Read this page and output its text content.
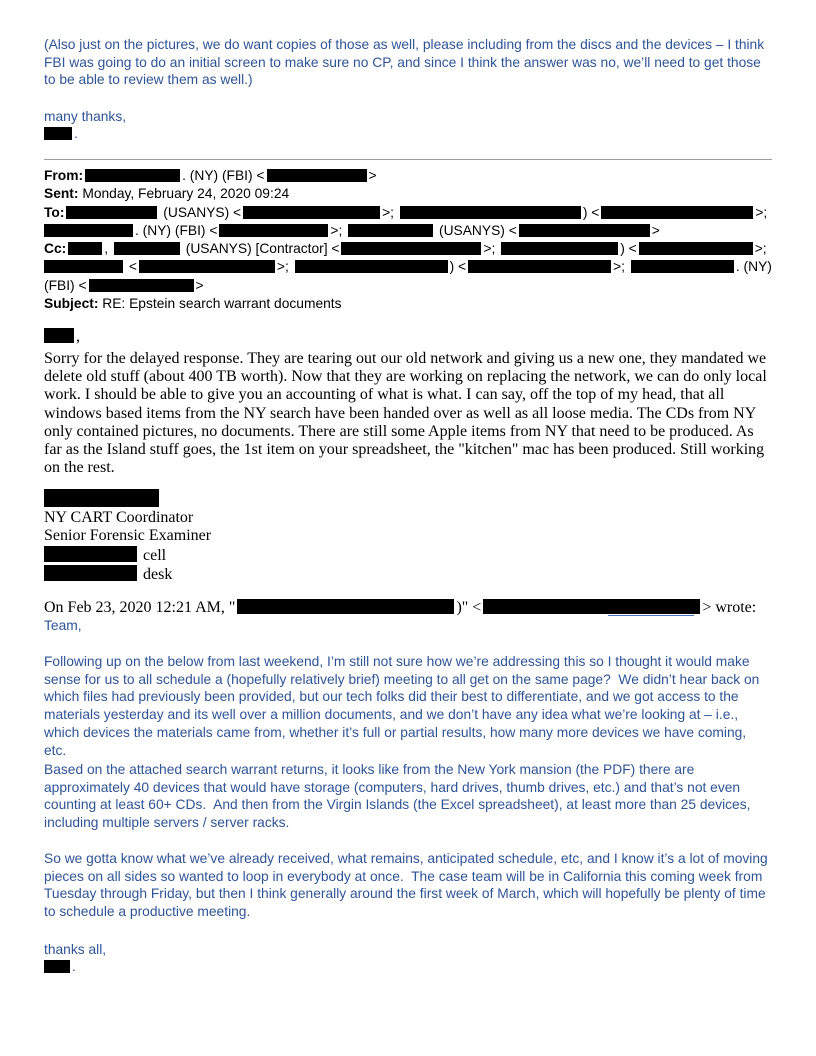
(Also just on the pictures, we do want copies of those as well, please including from the discs and the devices – I think FBI was going to do an initial screen to make sure no CP, and since I think the answer was no, we’ll need to get those to be able to review them as well.)
many thanks,
.
From:	. (NY) (FBI) <	>
Sent: Monday, February 24, 2020 09:24
To:	(USANYS) <	>;	) <	>;
. (NY) (FBI) <	>;	(USANYS) <	>
Cc:	,	(USANYS) [Contractor] <	>;	) <	>;
<	>;	) <	>;	. (NY)
(FBI) <	>
Subject: RE: Epstein search warrant documents
,
Sorry for the delayed response. They are tearing out our old network and giving us a new one, they mandated we delete old stuff (about 400 TB worth). Now that they are working on replacing the network, we can do only local work. I should be able to give you an accounting of what is what. I can say, off the top of my head, that all windows based items from the NY search have been handed over as well as all loose media. The CDs from NY only contained pictures, no documents. There are still some Apple items from NY that need to be produced. As far as the Island stuff goes, the 1st item on your spreadsheet, the "kitchen" mac has been produced. Still working on the rest.
NY CART Coordinator
Senior Forensic Examiner
cell
desk
On Feb 23, 2020 12:21 AM, "	)" <	> wrote:
Team,
Following up on the below from last weekend, I’m still not sure how we’re addressing this so I thought it would make sense for us to all schedule a (hopefully relatively brief) meeting to all get on the same page?  We didn’t hear back on which files had previously been provided, but our tech folks did their best to differentiate, and we got access to the materials yesterday and its well over a million documents, and we don’t have any idea what we’re looking at – i.e., which devices the materials came from, whether it’s full or partial results, how many more devices we have coming, etc.
Based on the attached search warrant returns, it looks like from the New York mansion (the PDF) there are approximately 40 devices that would have storage (computers, hard drives, thumb drives, etc.) and that’s not even counting at least 60+ CDs.  And then from the Virgin Islands (the Excel spreadsheet), at least more than 25 devices, including multiple servers / server racks.
So we gotta know what we’ve already received, what remains, anticipated schedule, etc, and I know it’s a lot of moving pieces on all sides so wanted to loop in everybody at once.  The case team will be in California this coming week from Tuesday through Friday, but then I think generally around the first week of March, which will hopefully be plenty of time to schedule a productive meeting.
thanks all,
.
